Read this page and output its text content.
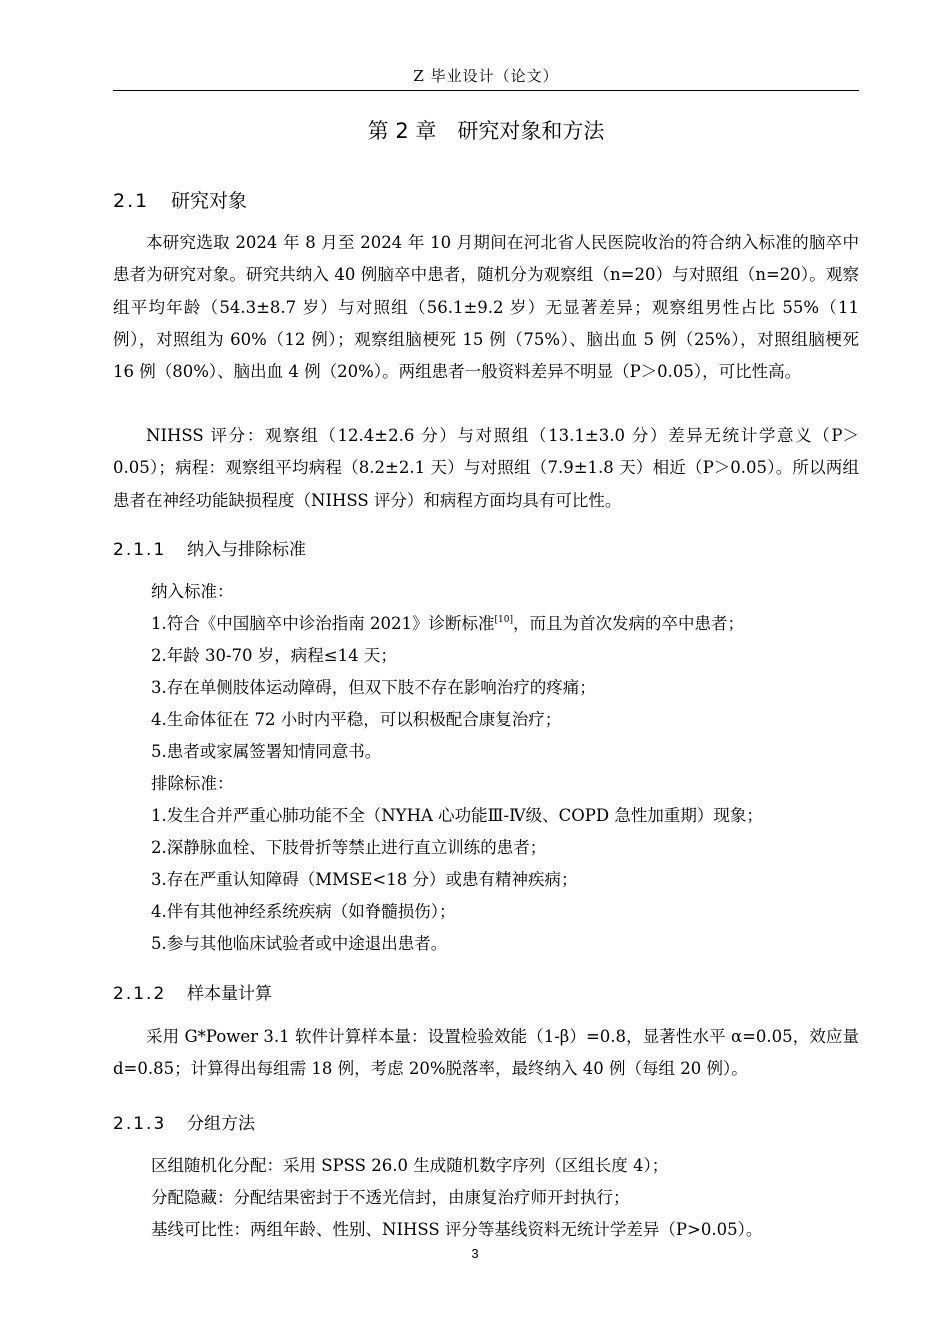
Z 毕业设计（论文）
第 2 章　研究对象和方法
2.1 研究对象

本研究选取 2024 年 8 月至 2024 年 10 月期间在河北省人民医院收治的符合纳入标准的脑卒中患者为研究对象。研究共纳入 40 例脑卒中患者，随机分为观察组（n=20）与对照组（n=20）。观察组平均年龄（54.3±8.7 岁）与对照组（56.1±9.2 岁）无显著差异；观察组男性占比 55%（11 例），对照组为 60%（12 例）；观察组脑梗死 15 例（75%）、脑出血 5 例（25%），对照组脑梗死 16 例（80%）、脑出血 4 例（20%）。两组患者一般资料差异不明显（P＞0.05），可比性高。

NIHSS 评分：观察组（12.4±2.6 分）与对照组（13.1±3.0 分）差异无统计学意义（P＞0.05）；病程：观察组平均病程（8.2±2.1 天）与对照组（7.9±1.8 天）相近（P＞0.05）。所以两组患者在神经功能缺损程度（NIHSS 评分）和病程方面均具有可比性。

2.1.1 纳入与排除标准

纳入标准：

1.符合《中国脑卒中诊治指南 2021》诊断标准[10]，而且为首次发病的卒中患者；

2.年龄 30-70 岁，病程≤14 天；

3.存在单侧肢体运动障碍，但双下肢不存在影响治疗的疼痛；

4.生命体征在 72 小时内平稳，可以积极配合康复治疗；

5.患者或家属签署知情同意书。

排除标准：

1.发生合并严重心肺功能不全（NYHA 心功能Ⅲ-Ⅳ级、COPD 急性加重期）现象；

2.深静脉血栓、下肢骨折等禁止进行直立训练的患者；

3.存在严重认知障碍（MMSE<18 分）或患有精神疾病；

4.伴有其他神经系统疾病（如脊髓损伤）；

5.参与其他临床试验者或中途退出患者。

2.1.2 样本量计算

采用 G*Power 3.1 软件计算样本量：设置检验效能（1-β）=0.8，显著性水平 α=0.05，效应量 d=0.85；计算得出每组需 18 例，考虑 20%脱落率，最终纳入 40 例（每组 20 例）。

2.1.3 分组方法

区组随机化分配：采用 SPSS 26.0 生成随机数字序列（区组长度 4）；

分配隐藏：分配结果密封于不透光信封，由康复治疗师开封执行；

基线可比性：两组年龄、性别、NIHSS 评分等基线资料无统计学差异（P>0.05）。

3
